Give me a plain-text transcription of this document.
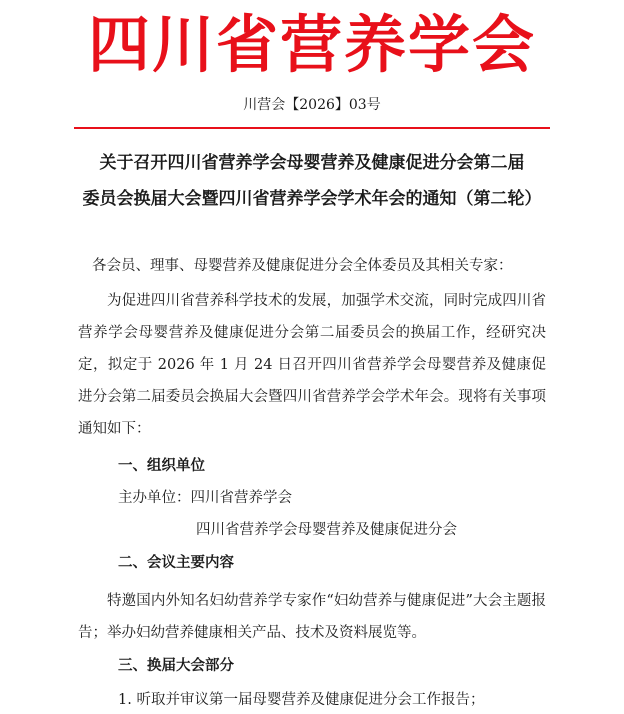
四川省营养学会
川营会【2026】03号
关于召开四川省营养学会母婴营养及健康促进分会第二届
委员会换届大会暨四川省营养学会学术年会的通知（第二轮）
各会员、理事、母婴营养及健康促进分会全体委员及其相关专家：
为促进四川省营养科学技术的发展，加强学术交流，同时完成四川省营养学会母婴营养及健康促进分会第二届委员会的换届工作，经研究决定，拟定于 2026 年 1 月 24 日召开四川省营养学会母婴营养及健康促进分会第二届委员会换届大会暨四川省营养学会学术年会。现将有关事项通知如下：
一、组织单位
主办单位：四川省营养学会
四川省营养学会母婴营养及健康促进分会
二、会议主要内容
特邀国内外知名妇幼营养学专家作“妇幼营养与健康促进”大会主题报告；举办妇幼营养健康相关产品、技术及资料展览等。
三、换届大会部分
1. 听取并审议第一届母婴营养及健康促进分会工作报告；
